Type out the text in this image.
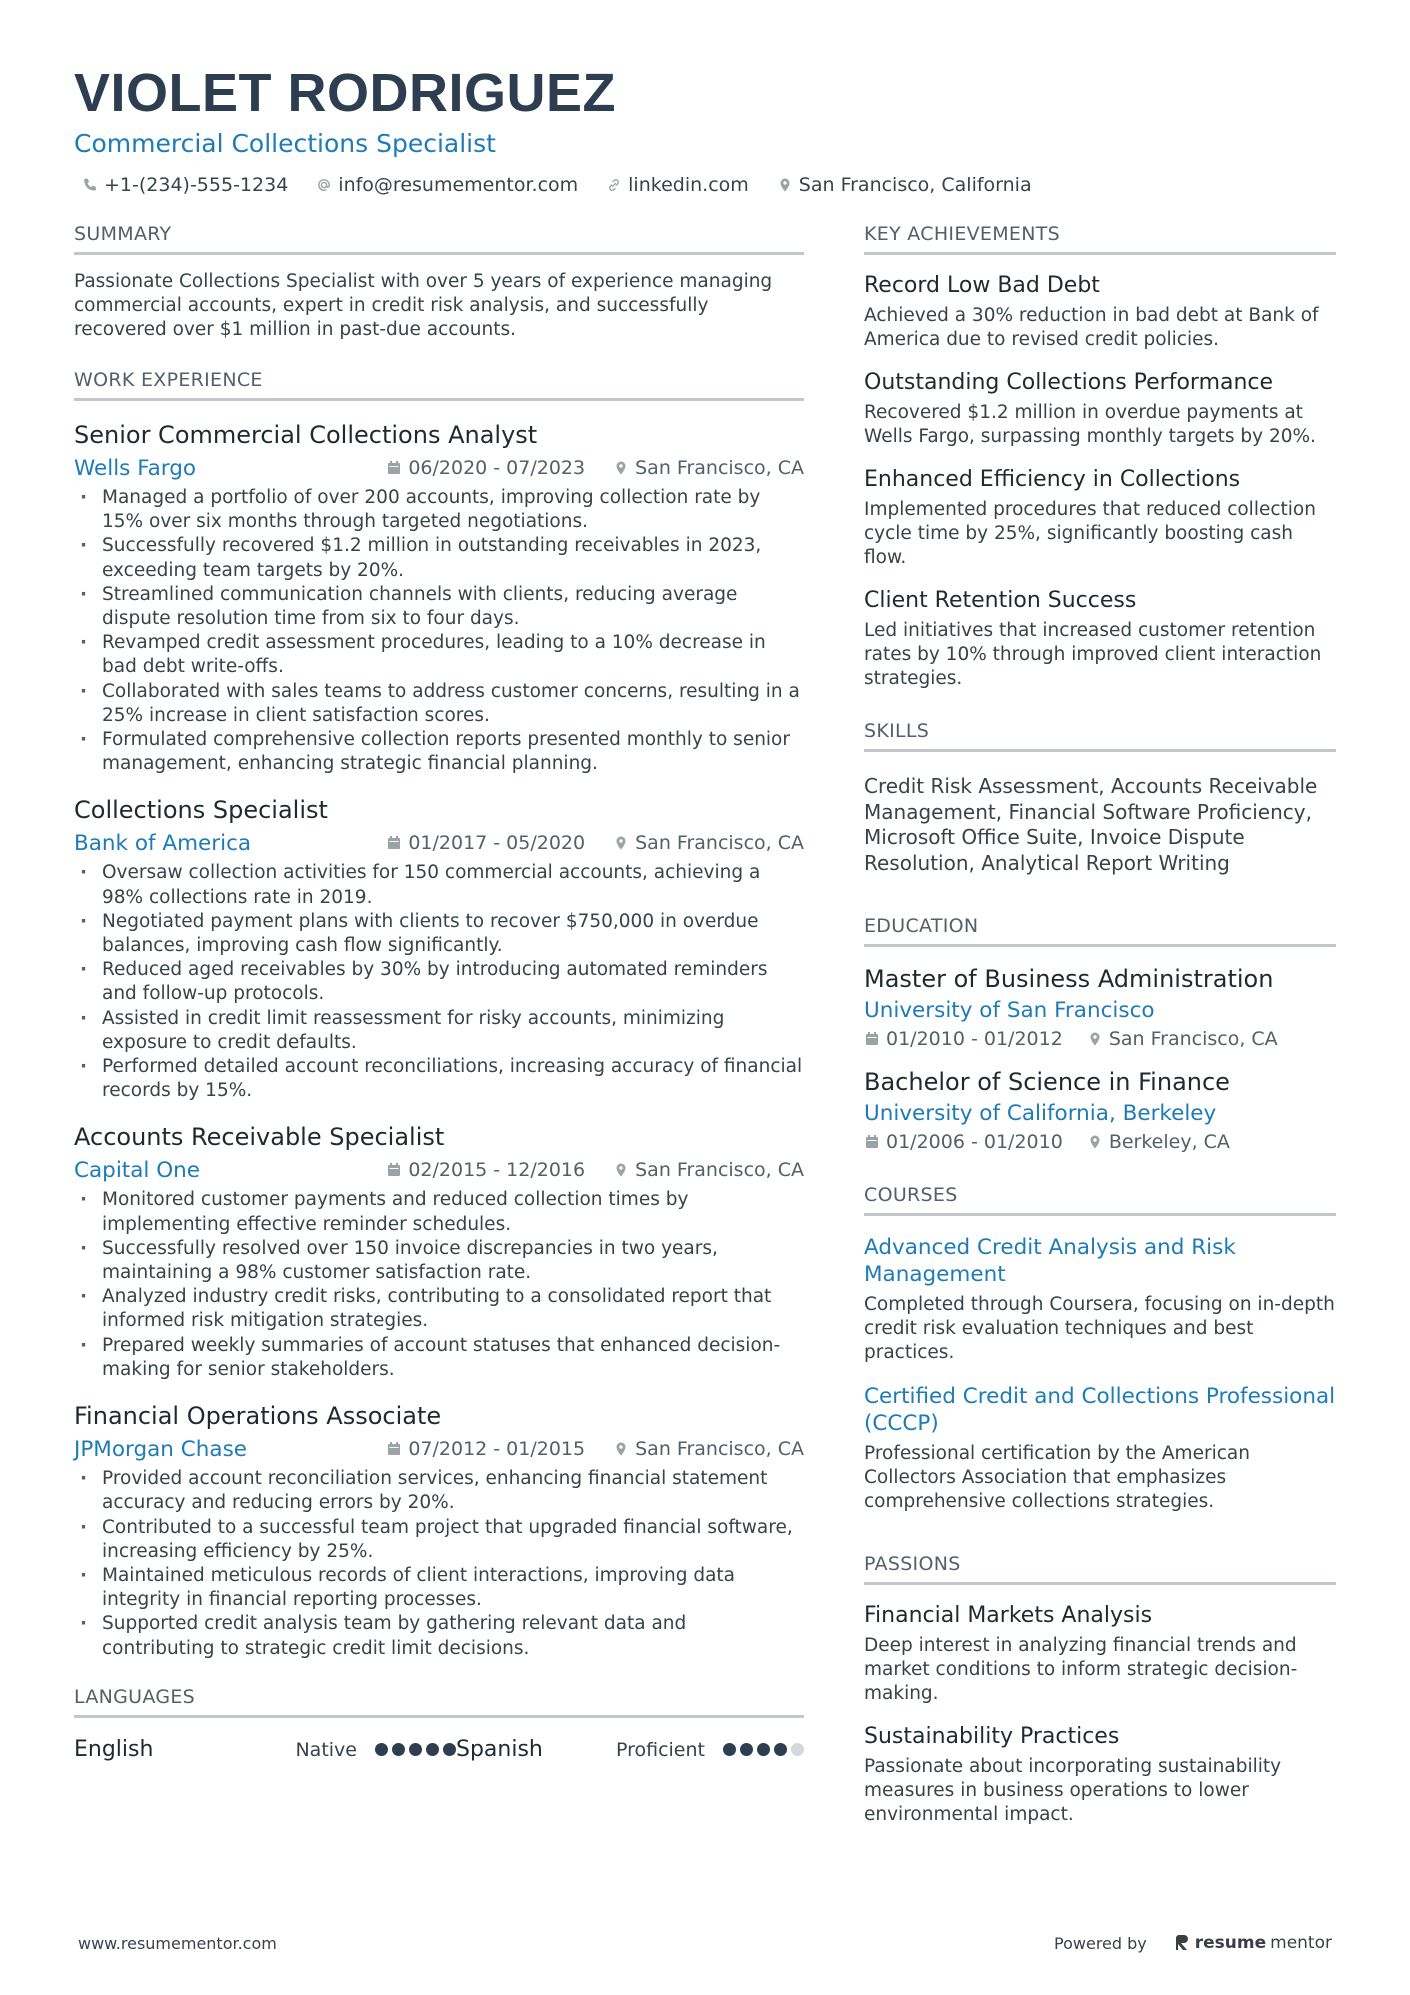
VIOLET RODRIGUEZ
Commercial Collections Specialist
+1-(234)-555-1234	info@resumementor.com	linkedin.com	San Francisco, California
SUMMARY
Passionate Collections Specialist with over 5 years of experience managing commercial accounts, expert in credit risk analysis, and successfully recovered over $1 million in past-due accounts.
WORK EXPERIENCE
Senior Commercial Collections Analyst
Wells Fargo	06/2020 - 07/2023	San Francisco, CA
· Managed a portfolio of over 200 accounts, improving collection rate by 15% over six months through targeted negotiations.
· Successfully recovered $1.2 million in outstanding receivables in 2023, exceeding team targets by 20%.
· Streamlined communication channels with clients, reducing average dispute resolution time from six to four days.
· Revamped credit assessment procedures, leading to a 10% decrease in bad debt write-offs.
· Collaborated with sales teams to address customer concerns, resulting in a 25% increase in client satisfaction scores.
· Formulated comprehensive collection reports presented monthly to senior management, enhancing strategic financial planning.
Collections Specialist
Bank of America	01/2017 - 05/2020	San Francisco, CA
· Oversaw collection activities for 150 commercial accounts, achieving a 98% collections rate in 2019.
· Negotiated payment plans with clients to recover $750,000 in overdue balances, improving cash flow significantly.
· Reduced aged receivables by 30% by introducing automated reminders and follow-up protocols.
· Assisted in credit limit reassessment for risky accounts, minimizing exposure to credit defaults.
· Performed detailed account reconciliations, increasing accuracy of financial records by 15%.
Accounts Receivable Specialist
Capital One	02/2015 - 12/2016	San Francisco, CA
· Monitored customer payments and reduced collection times by implementing effective reminder schedules.
· Successfully resolved over 150 invoice discrepancies in two years, maintaining a 98% customer satisfaction rate.
· Analyzed industry credit risks, contributing to a consolidated report that informed risk mitigation strategies.
· Prepared weekly summaries of account statuses that enhanced decision-making for senior stakeholders.
Financial Operations Associate
JPMorgan Chase	07/2012 - 01/2015	San Francisco, CA
· Provided account reconciliation services, enhancing financial statement accuracy and reducing errors by 20%.
· Contributed to a successful team project that upgraded financial software, increasing efficiency by 25%.
· Maintained meticulous records of client interactions, improving data integrity in financial reporting processes.
· Supported credit analysis team by gathering relevant data and contributing to strategic credit limit decisions.
LANGUAGES
English	Native	Spanish	Proficient
KEY ACHIEVEMENTS
Record Low Bad Debt
Achieved a 30% reduction in bad debt at Bank of America due to revised credit policies.
Outstanding Collections Performance
Recovered $1.2 million in overdue payments at Wells Fargo, surpassing monthly targets by 20%.
Enhanced Efficiency in Collections
Implemented procedures that reduced collection cycle time by 25%, significantly boosting cash flow.
Client Retention Success
Led initiatives that increased customer retention rates by 10% through improved client interaction strategies.
SKILLS
Credit Risk Assessment, Accounts Receivable Management, Financial Software Proficiency, Microsoft Office Suite, Invoice Dispute Resolution, Analytical Report Writing
EDUCATION
Master of Business Administration
University of San Francisco
01/2010 - 01/2012 San Francisco, CA
Bachelor of Science in Finance
University of California, Berkeley
01/2006 - 01/2010 Berkeley, CA
COURSES
Advanced Credit Analysis and Risk Management
Completed through Coursera, focusing on in-depth credit risk evaluation techniques and best practices.
Certified Credit and Collections Professional (CCCP)
Professional certification by the American Collectors Association that emphasizes comprehensive collections strategies.
PASSIONS
Financial Markets Analysis
Deep interest in analyzing financial trends and market conditions to inform strategic decision-making.
Sustainability Practices
Passionate about incorporating sustainability measures in business operations to lower environmental impact.
www.resumementor.com	Powered by	resume mentor
